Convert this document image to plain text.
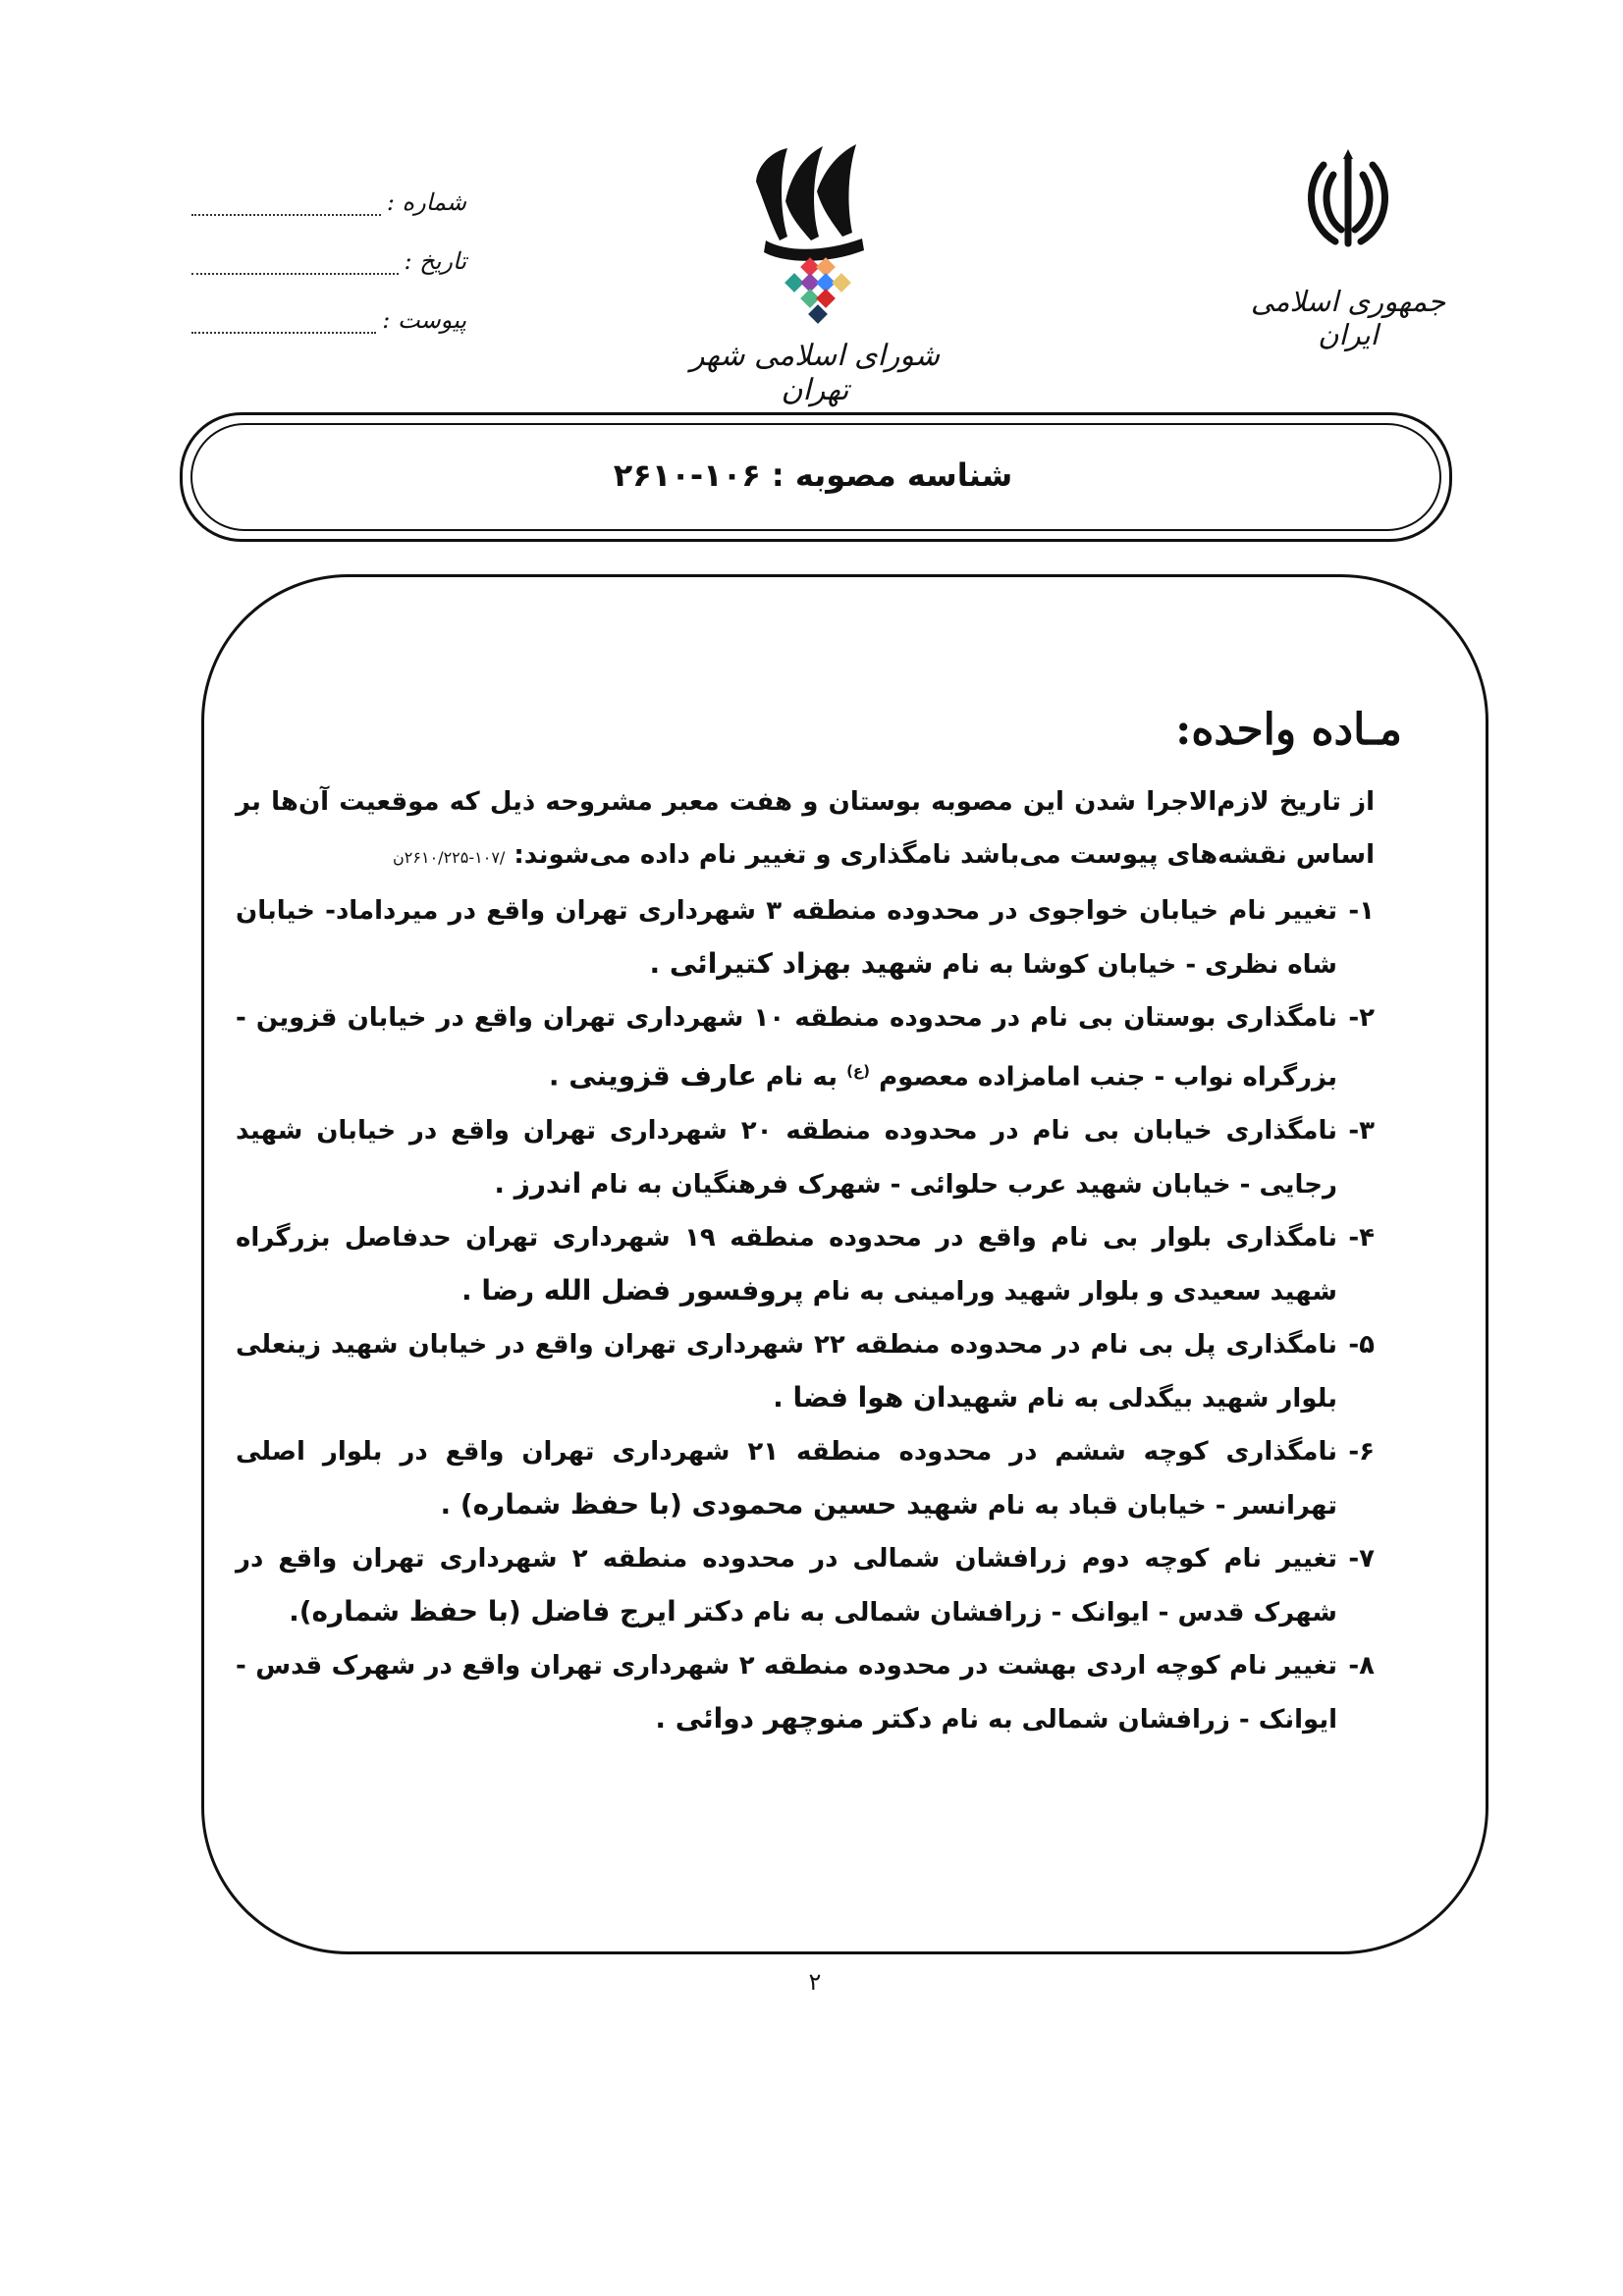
جمهوری اسلامی ایران
شورای اسلامی شهر تهران
شماره :
تاریخ :
پیوست :
شناسه مصوبه : ۱۰۶-۲۶۱۰
مـاده واحده:

از تاریخ لازم‌الاجرا شدن این مصوبه بوستان و هفت معبر مشروحه ذیل که موقعیت آن‌ها بر اساس نقشه‌های پیوست می‌باشد نامگذاری و تغییر نام داده می‌شوند: /۱۰۷-۲۶۱۰/۲۲۵ن

۱-
تغییر نام خیابان خواجوی در محدوده منطقه ۳ شهرداری تهران واقع در میرداماد- خیابان شاه نظری - خیابان کوشا به نام شهید بهزاد کتیرائی .
۲-
نامگذاری بوستان بی نام در محدوده منطقه ۱۰ شهرداری تهران واقع در خیابان قزوین - بزرگراه نواب - جنب امامزاده معصوم $^{(ع)}$ به نام عارف قزوینی .
۳-
نامگذاری خیابان بی نام در محدوده منطقه ۲۰ شهرداری تهران واقع در خیابان شهید رجایی - خیابان شهید عرب حلوائی - شهرک فرهنگیان به نام اندرز .
۴-
نامگذاری بلوار بی نام واقع در محدوده منطقه ۱۹ شهرداری تهران حدفاصل بزرگراه شهید سعیدی و بلوار شهید ورامینی به نام پروفسور فضل الله رضا .
۵-
نامگذاری پل بی نام در محدوده منطقه ۲۲ شهرداری تهران واقع در خیابان شهید زینعلی بلوار شهید بیگدلی به نام شهیدان هوا فضا .
۶-
نامگذاری کوچه ششم در محدوده منطقه ۲۱ شهرداری تهران واقع در بلوار اصلی تهرانسر - خیابان قباد به نام شهید حسین محمودی (با حفظ شماره) .
۷-
تغییر نام کوچه دوم زرافشان شمالی در محدوده منطقه ۲ شهرداری تهران واقع در شهرک قدس - ایوانک - زرافشان شمالی به نام دکتر ایرج فاضل (با حفظ شماره).
۸-
تغییر نام کوچه اردی بهشت در محدوده منطقه ۲ شهرداری تهران واقع در شهرک قدس - ایوانک - زرافشان شمالی به نام دکتر منوچهر دوائی .
۲
